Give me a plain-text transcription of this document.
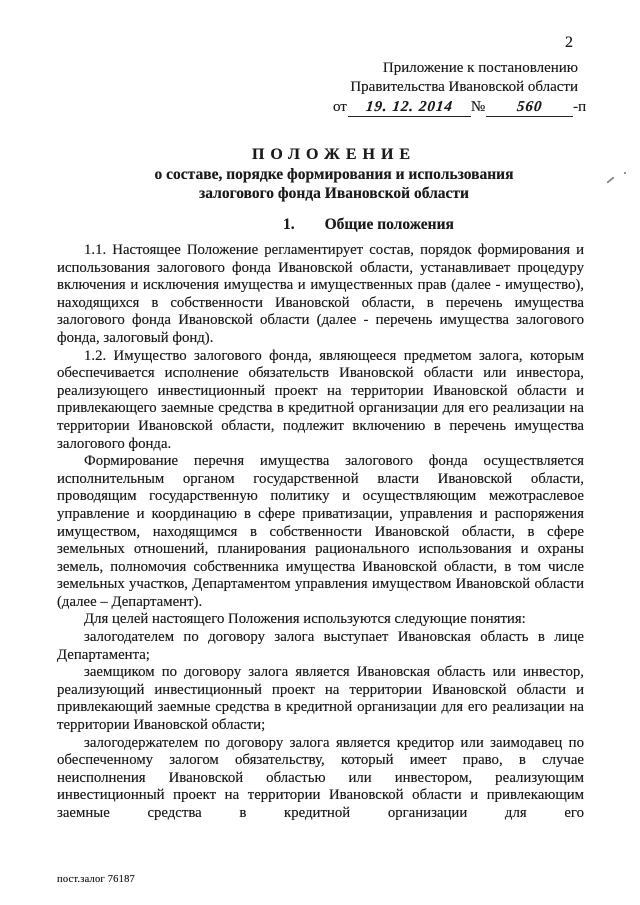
2
Приложение к постановлению
Правительства Ивановской области
от	19. 12. 2014	№	560	-п
ПОЛОЖЕНИЕ
о составе, порядке формирования и использования
залогового фонда Ивановской области
1. Общие положения

1.1. Настоящее Положение регламентирует состав, порядок формирования и использования залогового фонда Ивановской области, устанавливает процедуру включения и исключения имущества и имущественных прав (далее - имущество), находящихся в собственности Ивановской области, в перечень имущества залогового фонда Ивановской области (далее - перечень имущества залогового фонда, залоговый фонд).

1.2. Имущество залогового фонда, являющееся предметом залога, которым обеспечивается исполнение обязательств Ивановской области или инвестора, реализующего инвестиционный проект на территории Ивановской области и привлекающего заемные средства в кредитной организации для его реализации на территории Ивановской области, подлежит включению в перечень имущества залогового фонда.

Формирование перечня имущества залогового фонда осуществляется исполнительным органом государственной власти Ивановской области, проводящим государственную политику и осуществляющим межотраслевое управление и координацию в сфере приватизации, управления и распоряжения имуществом, находящимся в собственности Ивановской области, в сфере земельных отношений, планирования рационального использования и охраны земель, полномочия собственника имущества Ивановской области, в том числе земельных участков, Департаментом управления имуществом Ивановской области (далее – Департамент).

Для целей настоящего Положения используются следующие понятия:

залогодателем по договору залога выступает Ивановская область в лице Департамента;

заемщиком по договору залога является Ивановская область или инвестор, реализующий инвестиционный проект на территории Ивановской области и привлекающий заемные средства в кредитной организации для его реализации на территории Ивановской области;

залогодержателем по договору залога является кредитор или заимодавец по обеспеченному залогом обязательству, который имеет право, в случае неисполнения Ивановской областью или инвестором, реализующим инвестиционный проект на территории Ивановской области и привлекающим заемные средства в кредитной организации для его

пост.залог 76187
